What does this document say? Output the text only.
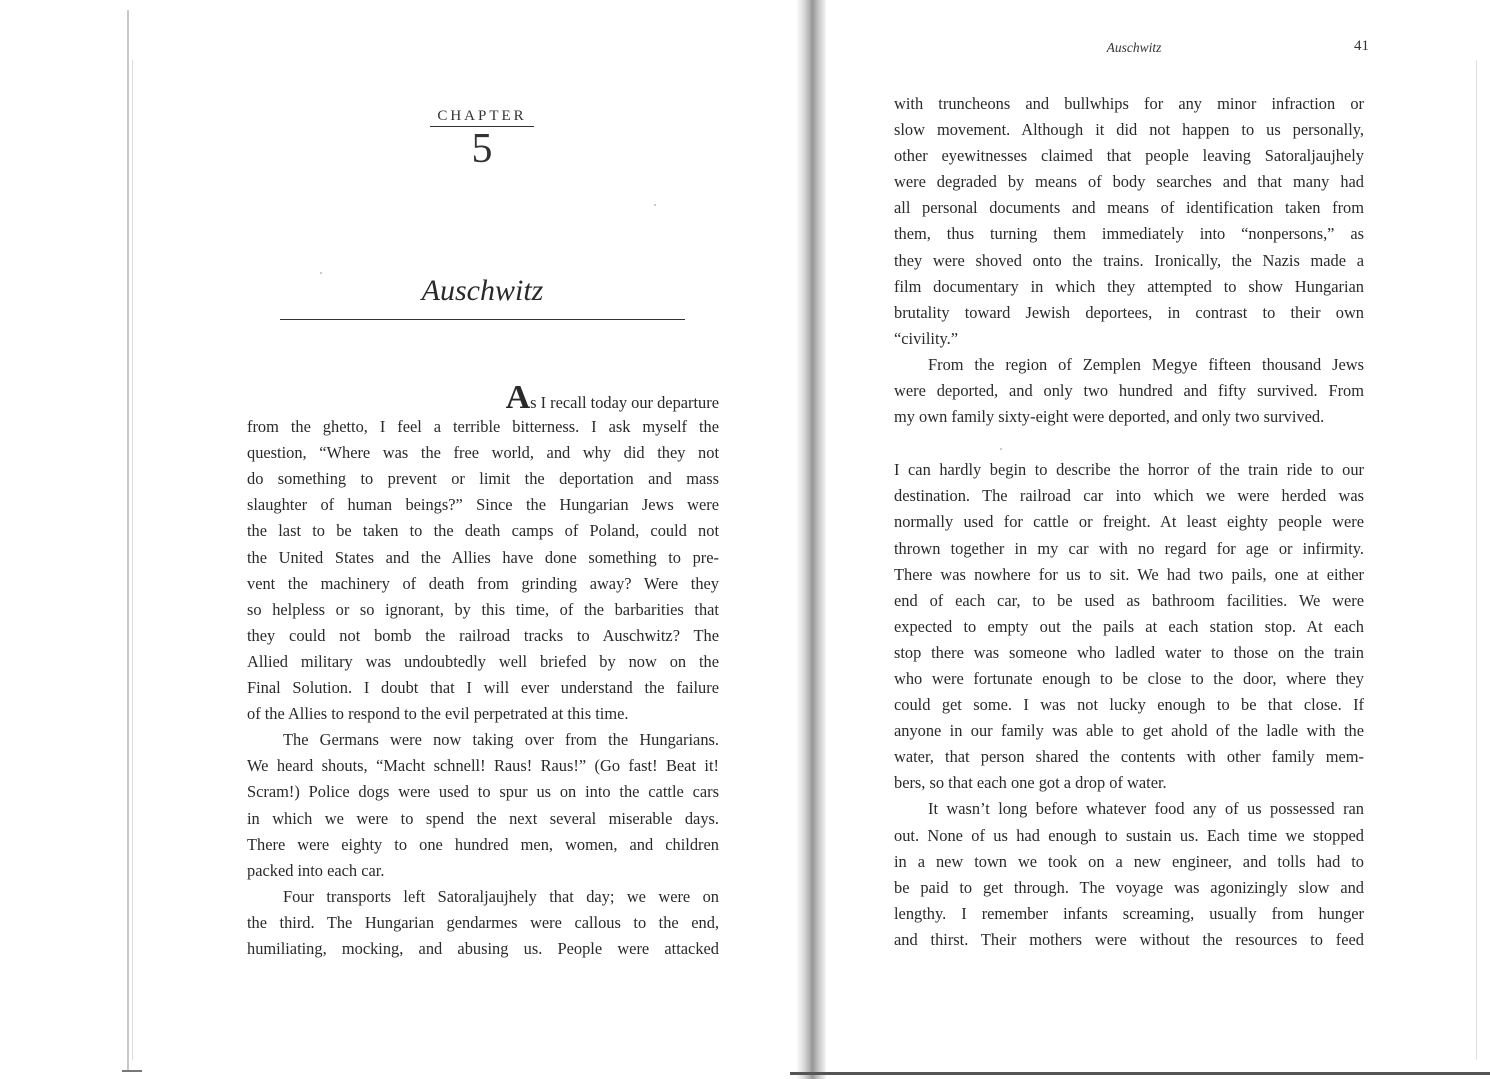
CHAPTER
5
Auschwitz
As I recall today our departure
from the ghetto, I feel a terrible bitterness. I ask myself the
question, “Where was the free world, and why did they not
do something to prevent or limit the deportation and mass
slaughter of human beings?” Since the Hungarian Jews were
the last to be taken to the death camps of Poland, could not
the United States and the Allies have done something to pre-
vent the machinery of death from grinding away? Were they
so helpless or so ignorant, by this time, of the barbarities that
they could not bomb the railroad tracks to Auschwitz? The
Allied military was undoubtedly well briefed by now on the
Final Solution. I doubt that I will ever understand the failure
of the Allies to respond to the evil perpetrated at this time.
The Germans were now taking over from the Hungarians.
We heard shouts, “Macht schnell! Raus! Raus!” (Go fast! Beat it!
Scram!) Police dogs were used to spur us on into the cattle cars
in which we were to spend the next several miserable days.
There were eighty to one hundred men, women, and children
packed into each car.
Four transports left Satoraljaujhely that day; we were on
the third. The Hungarian gendarmes were callous to the end,
humiliating, mocking, and abusing us. People were attacked
Auschwitz	41
with truncheons and bullwhips for any minor infraction or
slow movement. Although it did not happen to us personally,
other eyewitnesses claimed that people leaving Satoraljaujhely
were degraded by means of body searches and that many had
all personal documents and means of identification taken from
them, thus turning them immediately into “nonpersons,” as
they were shoved onto the trains. Ironically, the Nazis made a
film documentary in which they attempted to show Hungarian
brutality toward Jewish deportees, in contrast to their own
“civility.”
From the region of Zemplen Megye fifteen thousand Jews
were deported, and only two hundred and fifty survived. From
my own family sixty-eight were deported, and only two survived.
I can hardly begin to describe the horror of the train ride to our
destination. The railroad car into which we were herded was
normally used for cattle or freight. At least eighty people were
thrown together in my car with no regard for age or infirmity.
There was nowhere for us to sit. We had two pails, one at either
end of each car, to be used as bathroom facilities. We were
expected to empty out the pails at each station stop. At each
stop there was someone who ladled water to those on the train
who were fortunate enough to be close to the door, where they
could get some. I was not lucky enough to be that close. If
anyone in our family was able to get ahold of the ladle with the
water, that person shared the contents with other family mem-
bers, so that each one got a drop of water.
It wasn’t long before whatever food any of us possessed ran
out. None of us had enough to sustain us. Each time we stopped
in a new town we took on a new engineer, and tolls had to
be paid to get through. The voyage was agonizingly slow and
lengthy. I remember infants screaming, usually from hunger
and thirst. Their mothers were without the resources to feed
